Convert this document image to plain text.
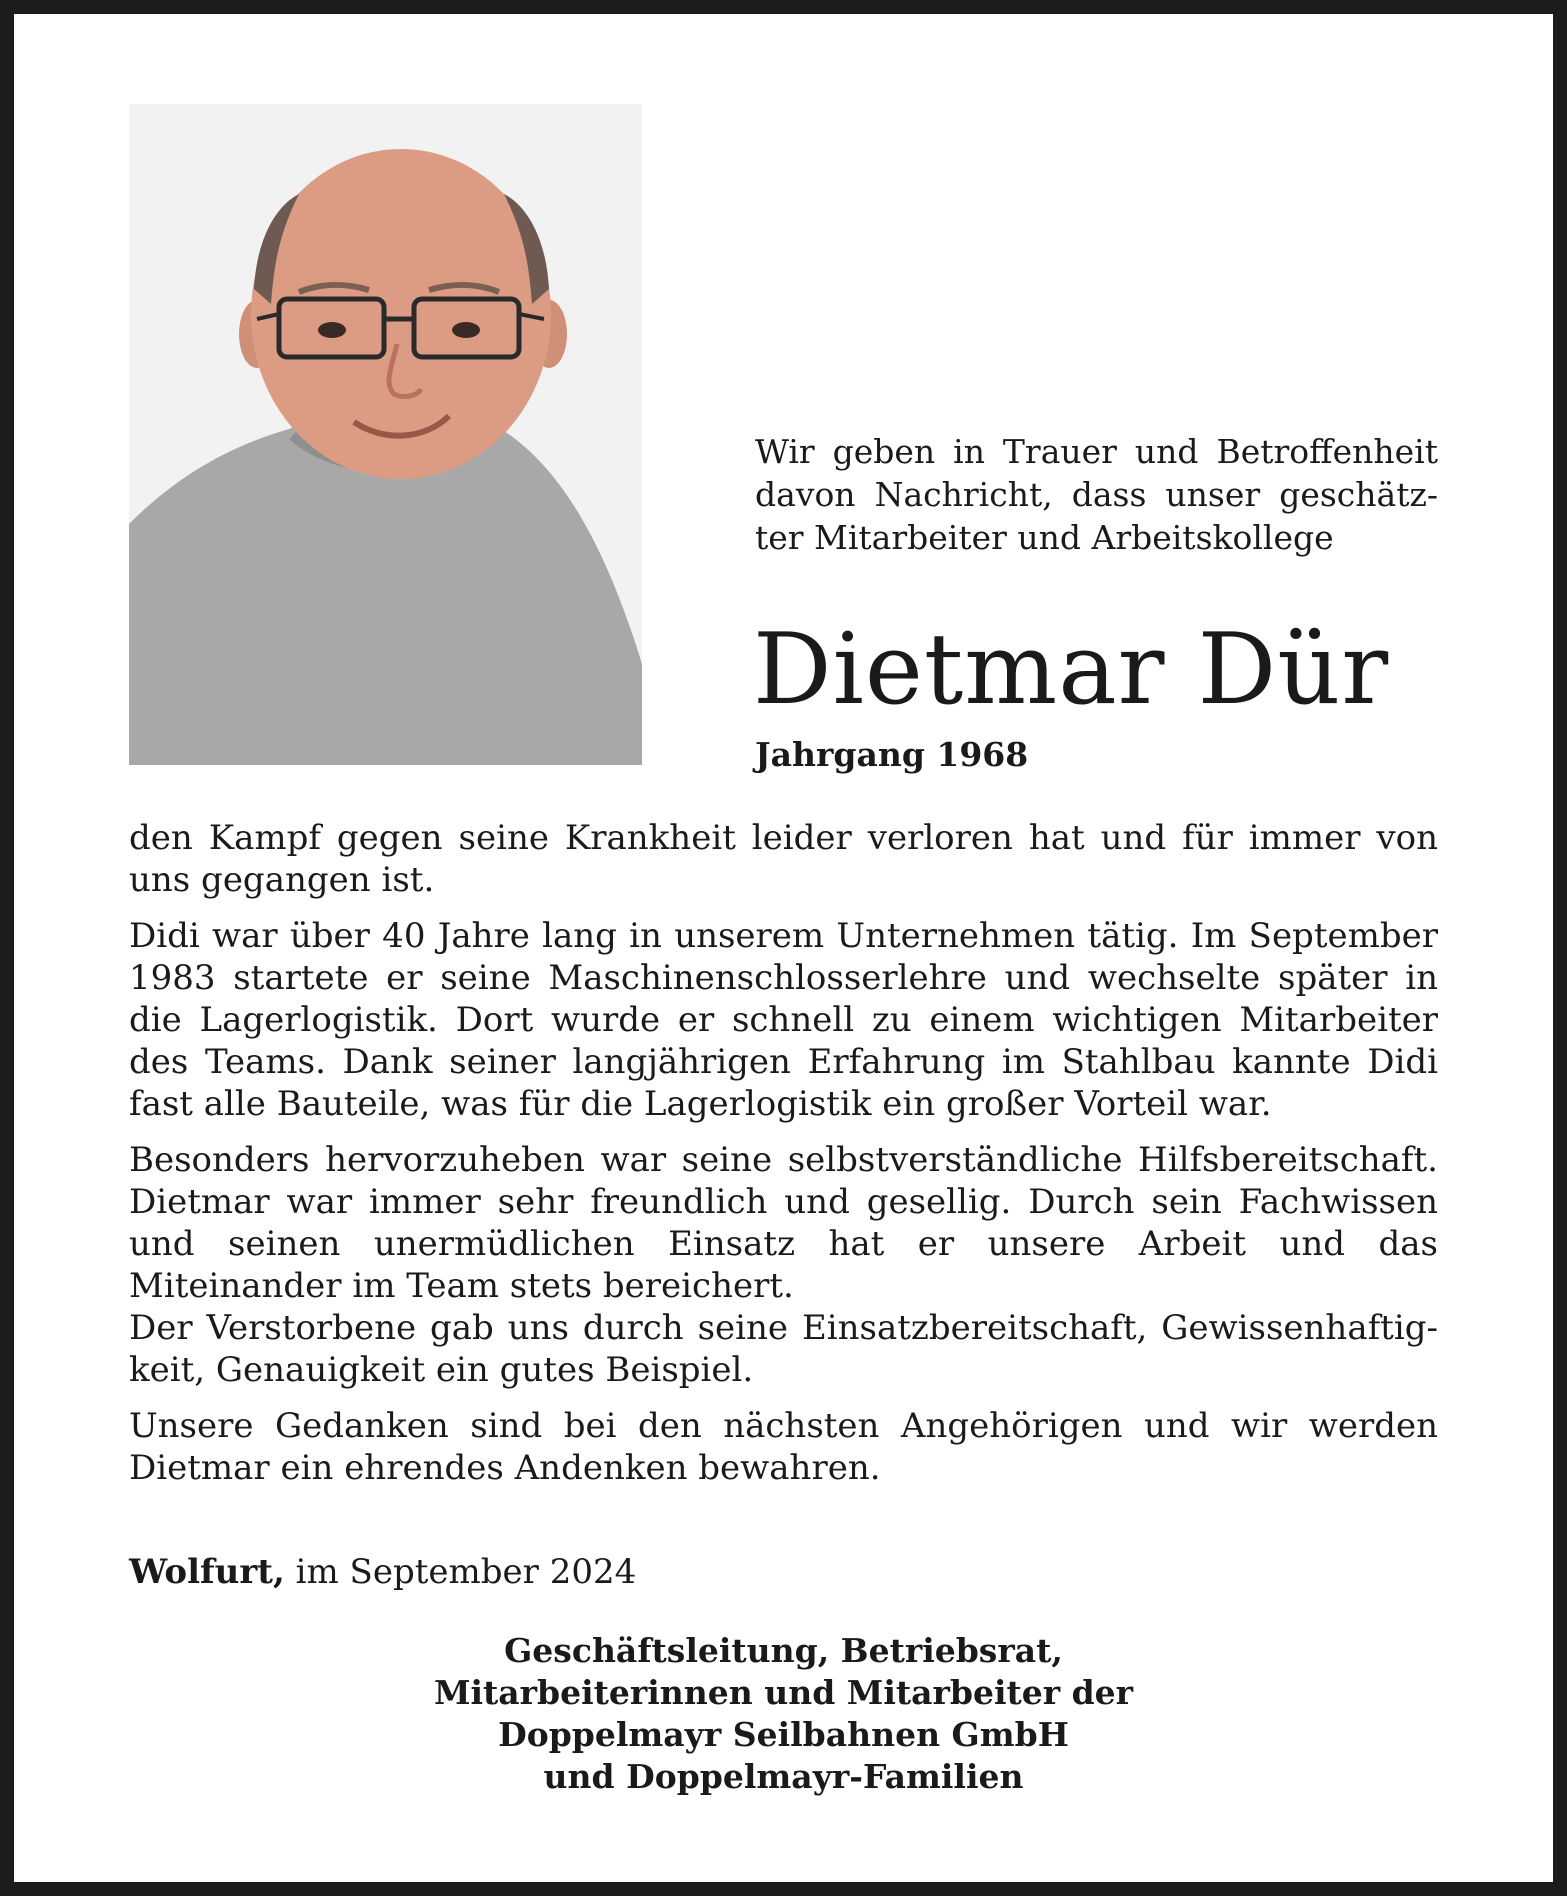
Wir geben in Trauer und Betroffenheit davon Nachricht, dass unser geschätzter Mitarbeiter und Arbeitskollege

Dietmar Dür

Jahrgang 1968

den Kampf gegen seine Krankheit leider verloren hat und für immer von uns gegangen ist.

Didi war über 40 Jahre lang in unserem Unternehmen tätig. Im September 1983 startete er seine Maschinenschlosserlehre und wechselte später in die Lagerlogistik. Dort wurde er schnell zu einem wichtigen Mitarbeiter des Teams. Dank seiner langjährigen Erfahrung im Stahlbau kannte Didi fast alle Bauteile, was für die Lagerlogistik ein großer Vorteil war.

Besonders hervorzuheben war seine selbstverständliche Hilfsbereitschaft. Dietmar war immer sehr freundlich und gesellig. Durch sein Fachwissen und seinen unermüdlichen Einsatz hat er unsere Arbeit und das Miteinander im Team stets bereichert.

Der Verstorbene gab uns durch seine Einsatzbereitschaft, Gewissenhaftigkeit, Genauigkeit ein gutes Beispiel.

Unsere Gedanken sind bei den nächsten Angehörigen und wir werden Dietmar ein ehrendes Andenken bewahren.

Wolfurt, im September 2024
Geschäftsleitung, Betriebsrat,
Mitarbeiterinnen und Mitarbeiter der
Doppelmayr Seilbahnen GmbH
und Doppelmayr-Familien
